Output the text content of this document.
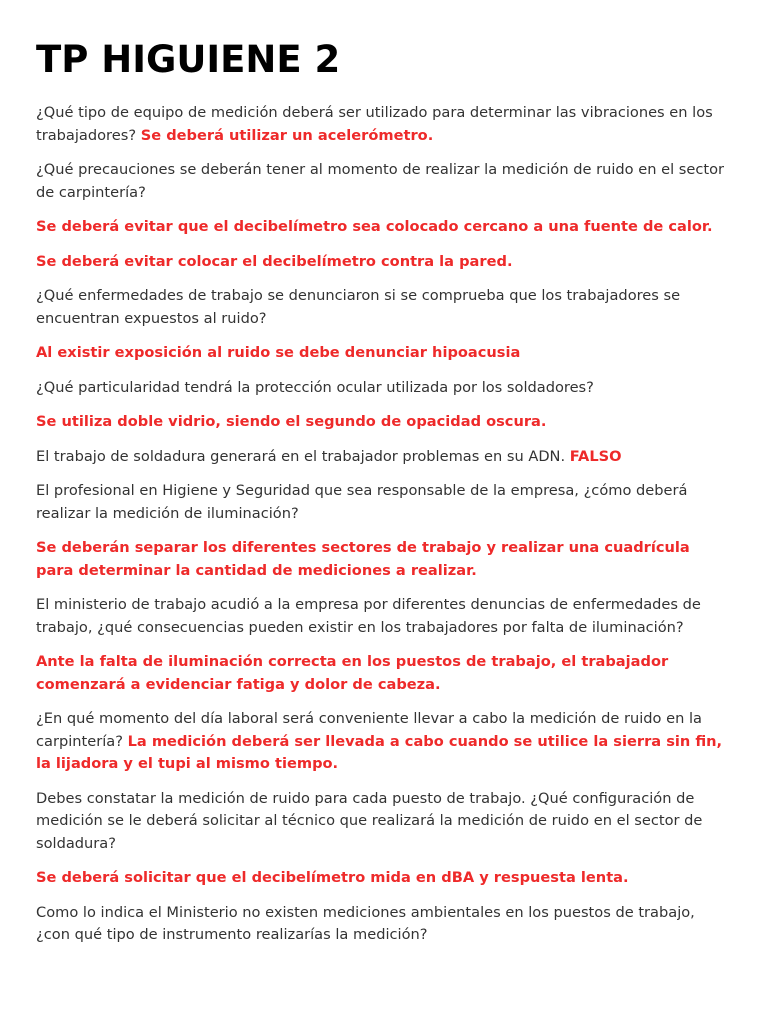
TP HIGUIENE 2

¿Qué tipo de equipo de medición deberá ser utilizado para determinar las vibraciones en los trabajadores? Se deberá utilizar un acelerómetro.

¿Qué precauciones se deberán tener al momento de realizar la medición de ruido en el sector de carpintería?

Se deberá evitar que el decibelímetro sea colocado cercano a una fuente de calor.

Se deberá evitar colocar el decibelímetro contra la pared.

¿Qué enfermedades de trabajo se denunciaron si se comprueba que los trabajadores se encuentran expuestos al ruido?

Al existir exposición al ruido se debe denunciar hipoacusia

¿Qué particularidad tendrá la protección ocular utilizada por los soldadores?

Se utiliza doble vidrio, siendo el segundo de opacidad oscura.

El trabajo de soldadura generará en el trabajador problemas en su ADN. FALSO

El profesional en Higiene y Seguridad que sea responsable de la empresa, ¿cómo deberá realizar la medición de iluminación?

Se deberán separar los diferentes sectores de trabajo y realizar una cuadrícula para determinar la cantidad de mediciones a realizar.

El ministerio de trabajo acudió a la empresa por diferentes denuncias de enfermedades de trabajo, ¿qué consecuencias pueden existir en los trabajadores por falta de iluminación?

Ante la falta de iluminación correcta en los puestos de trabajo, el trabajador comenzará a evidenciar fatiga y dolor de cabeza.

¿En qué momento del día laboral será conveniente llevar a cabo la medición de ruido en la carpintería? La medición deberá ser llevada a cabo cuando se utilice la sierra sin fin, la lijadora y el tupi al mismo tiempo.

Debes constatar la medición de ruido para cada puesto de trabajo. ¿Qué configuración de medición se le deberá solicitar al técnico que realizará la medición de ruido en el sector de soldadura?

Se deberá solicitar que el decibelímetro mida en dBA y respuesta lenta.

Como lo indica el Ministerio no existen mediciones ambientales en los puestos de trabajo, ¿con qué tipo de instrumento realizarías la medición?
